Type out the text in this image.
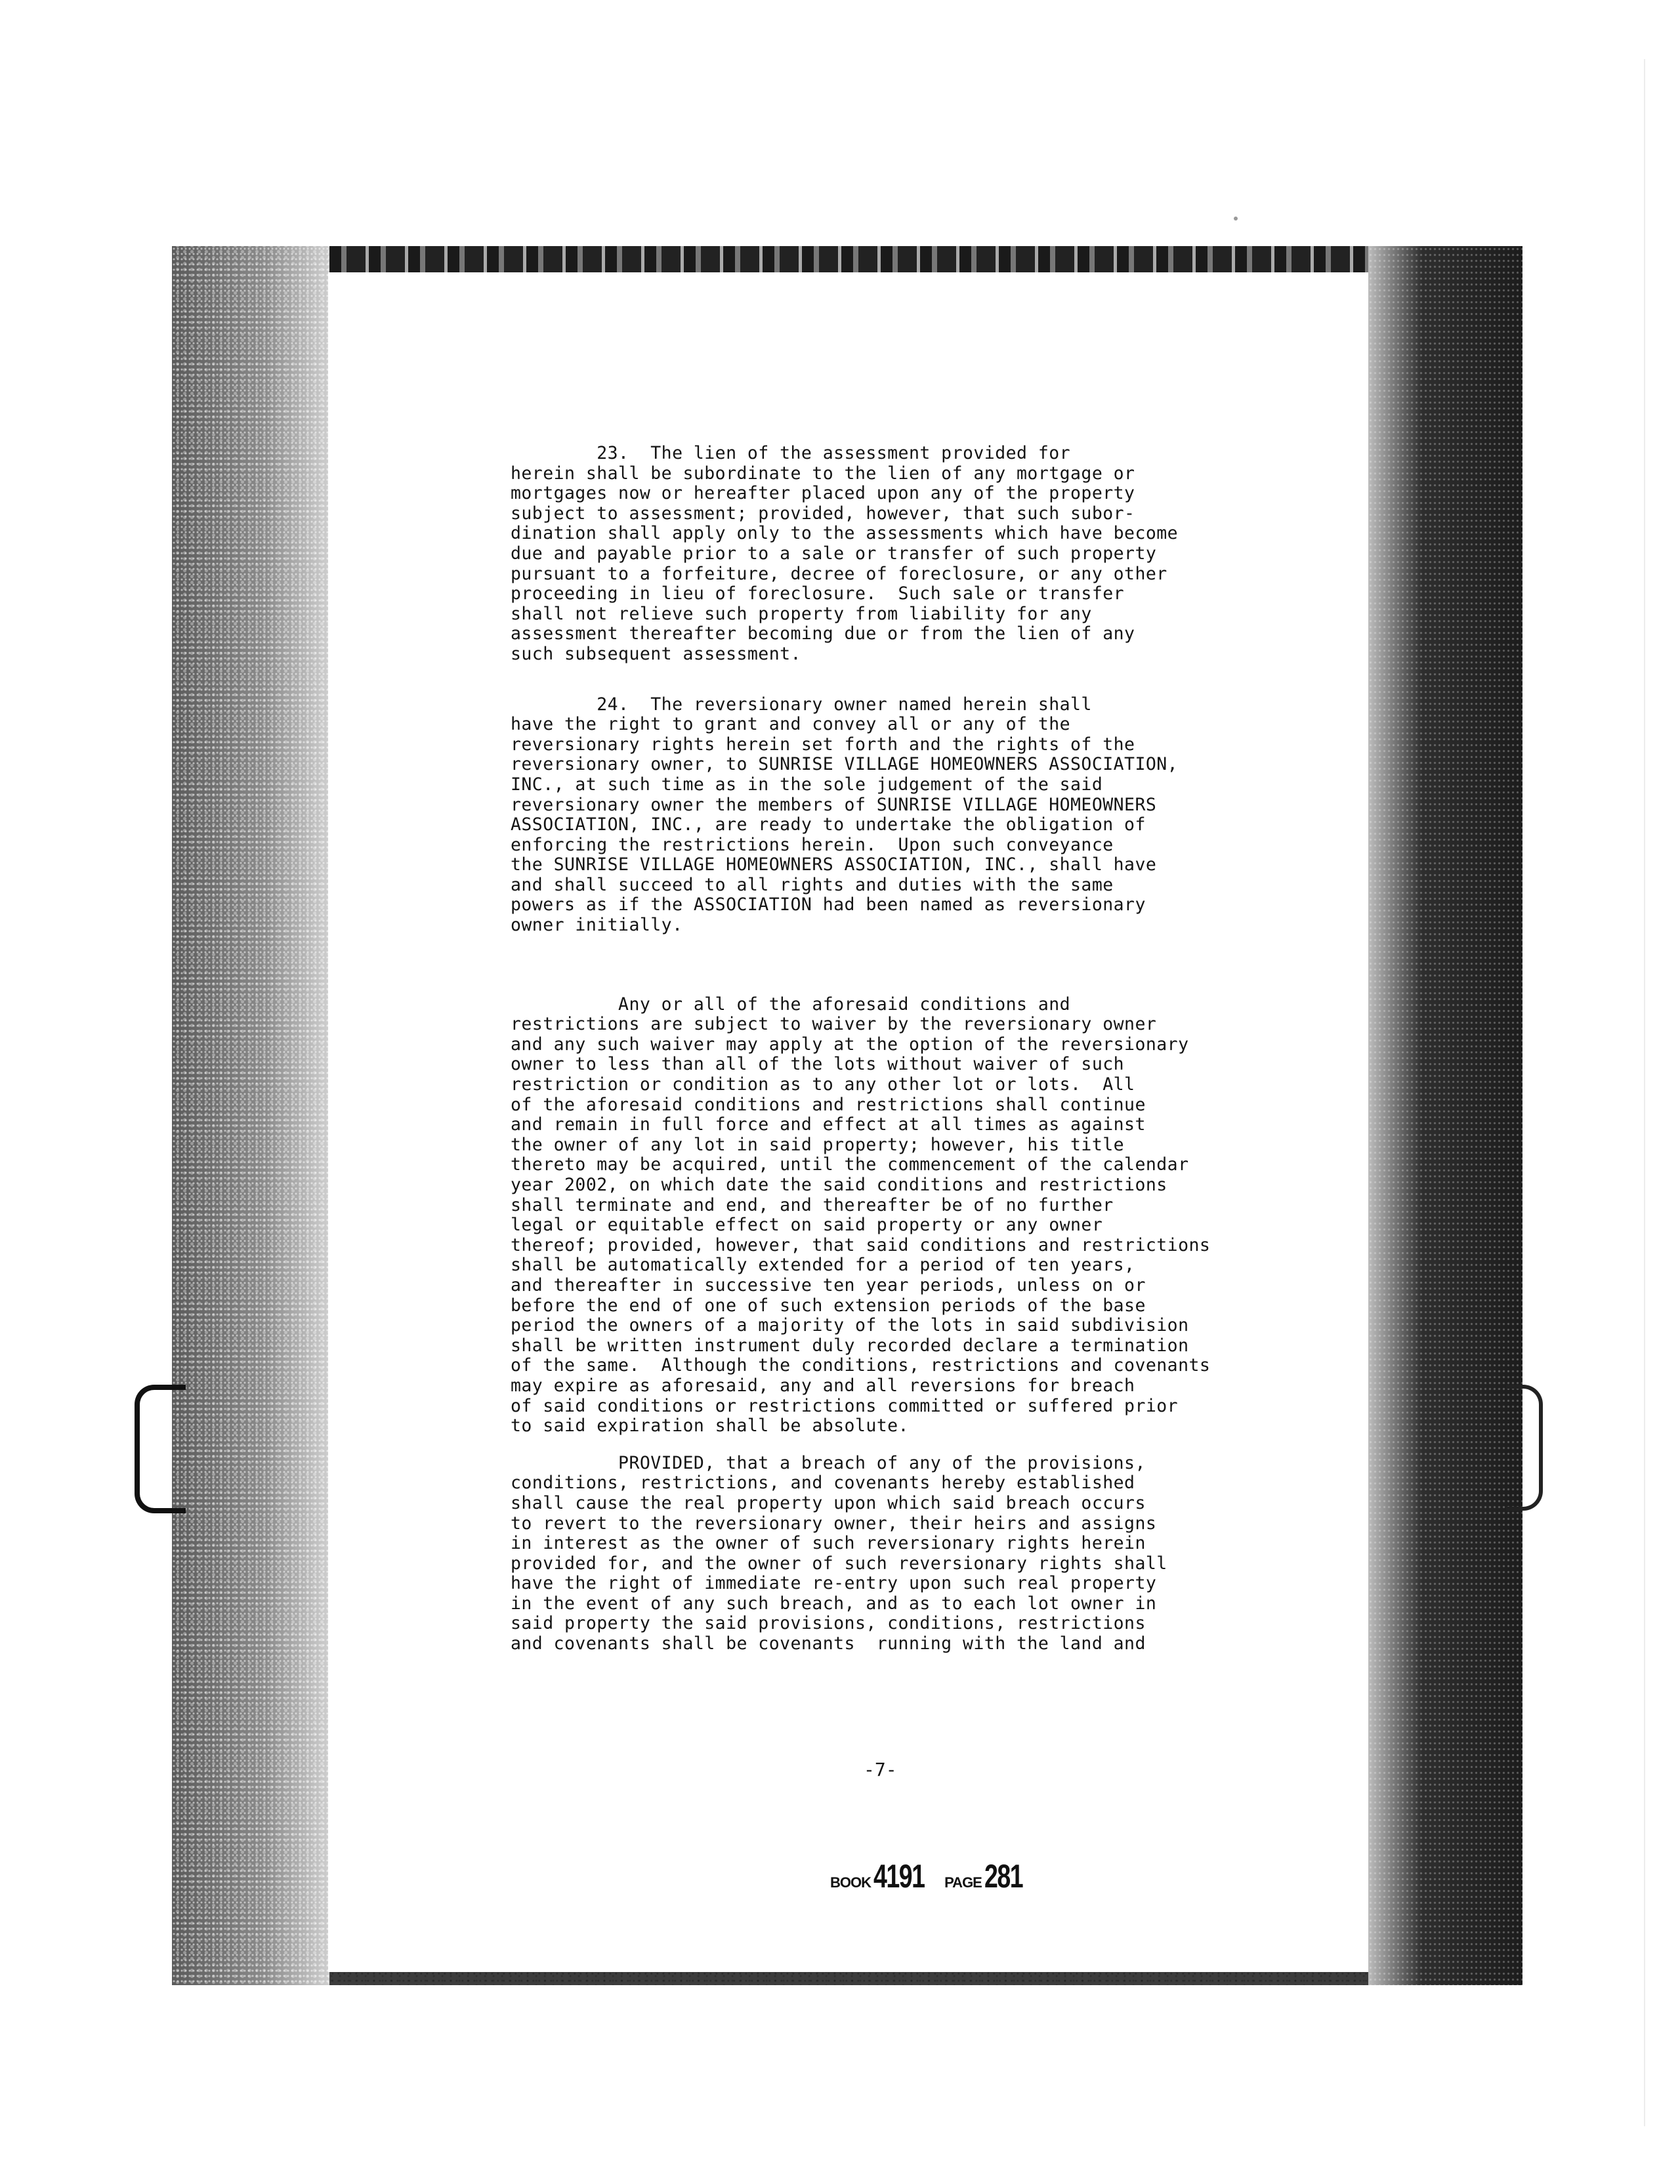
23.  The lien of the assessment provided for

herein shall be subordinate to the lien of any mortgage or

mortgages now or hereafter placed upon any of the property

subject to assessment; provided, however, that such subor-

dination shall apply only to the assessments which have become

due and payable prior to a sale or transfer of such property

pursuant to a forfeiture, decree of foreclosure, or any other

proceeding in lieu of foreclosure.  Such sale or transfer

shall not relieve such property from liability for any

assessment thereafter becoming due or from the lien of any

such subsequent assessment.

24.  The reversionary owner named herein shall

have the right to grant and convey all or any of the

reversionary rights herein set forth and the rights of the

reversionary owner, to SUNRISE VILLAGE HOMEOWNERS ASSOCIATION,

INC., at such time as in the sole judgement of the said

reversionary owner the members of SUNRISE VILLAGE HOMEOWNERS

ASSOCIATION, INC., are ready to undertake the obligation of

enforcing the restrictions herein.  Upon such conveyance

the SUNRISE VILLAGE HOMEOWNERS ASSOCIATION, INC., shall have

and shall succeed to all rights and duties with the same

powers as if the ASSOCIATION had been named as reversionary

owner initially.

Any or all of the aforesaid conditions and

restrictions are subject to waiver by the reversionary owner

and any such waiver may apply at the option of the reversionary

owner to less than all of the lots without waiver of such

restriction or condition as to any other lot or lots.  All

of the aforesaid conditions and restrictions shall continue

and remain in full force and effect at all times as against

the owner of any lot in said property; however, his title

thereto may be acquired, until the commencement of the calendar

year 2002, on which date the said conditions and restrictions

shall terminate and end, and thereafter be of no further

legal or equitable effect on said property or any owner

thereof; provided, however, that said conditions and restrictions

shall be automatically extended for a period of ten years,

and thereafter in successive ten year periods, unless on or

before the end of one of such extension periods of the base

period the owners of a majority of the lots in said subdivision

shall be written instrument duly recorded declare a termination

of the same.  Although the conditions, restrictions and covenants

may expire as aforesaid, any and all reversions for breach

of said conditions or restrictions committed or suffered prior

to said expiration shall be absolute.

PROVIDED, that a breach of any of the provisions,

conditions, restrictions, and covenants hereby established

shall cause the real property upon which said breach occurs

to revert to the reversionary owner, their heirs and assigns

in interest as the owner of such reversionary rights herein

provided for, and the owner of such reversionary rights shall

have the right of immediate re-entry upon such real property

in the event of any such breach, and as to each lot owner in

said property the said provisions, conditions, restrictions

and covenants shall be covenants  running with the land and

-7-
BOOK 4191 PAGE 281
